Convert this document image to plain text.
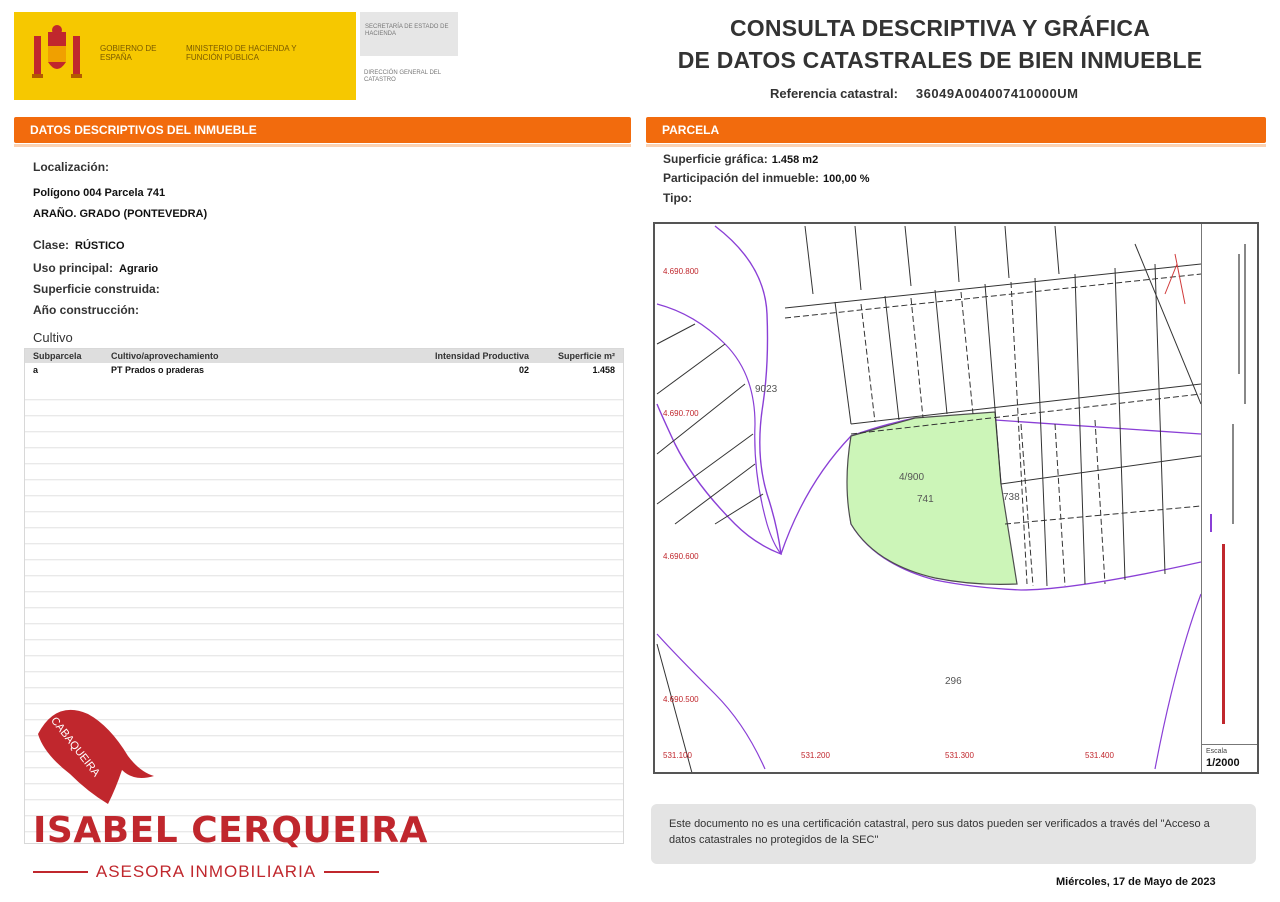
GOBIERNO DE ESPAÑA
MINISTERIO DE HACIENDA Y FUNCIÓN PÚBLICA
SECRETARÍA DE ESTADO DE HACIENDA
DIRECCIÓN GENERAL DEL CATASTRO
CONSULTA DESCRIPTIVA Y GRÁFICA
DE DATOS CATASTRALES DE BIEN INMUEBLE
Referencia catastral: 36049A004007410000UM
DATOS DESCRIPTIVOS DEL INMUEBLE
Localización:
Polígono 004 Parcela 741
ARAÑO. GRADO (PONTEVEDRA)
Clase: RÚSTICO
Uso principal: Agrario
Superficie construida:
Año construcción:
Cultivo
Subparcela	Cultivo/aprovechamiento	Intensidad Productiva	Superficie m²
a	PT Prados o praderas	02	1.458
CABAQUEIRA
ISABEL CERQUEIRA
ASESORA INMOBILIARIA
PARCELA
Superficie gráfica: 1.458 m2
Participación del inmueble: 100,00 %
Tipo:
4.690.800
4.690.700
4.690.600
4.690.500
531.100	531.200	531.300	531.400
9023
4/900
741	738
296
Escala
1/2000
Este documento no es una certificación catastral, pero sus datos pueden ser verificados a través del "Acceso a datos catastrales no protegidos de la SEC"
Miércoles, 17 de Mayo de 2023
